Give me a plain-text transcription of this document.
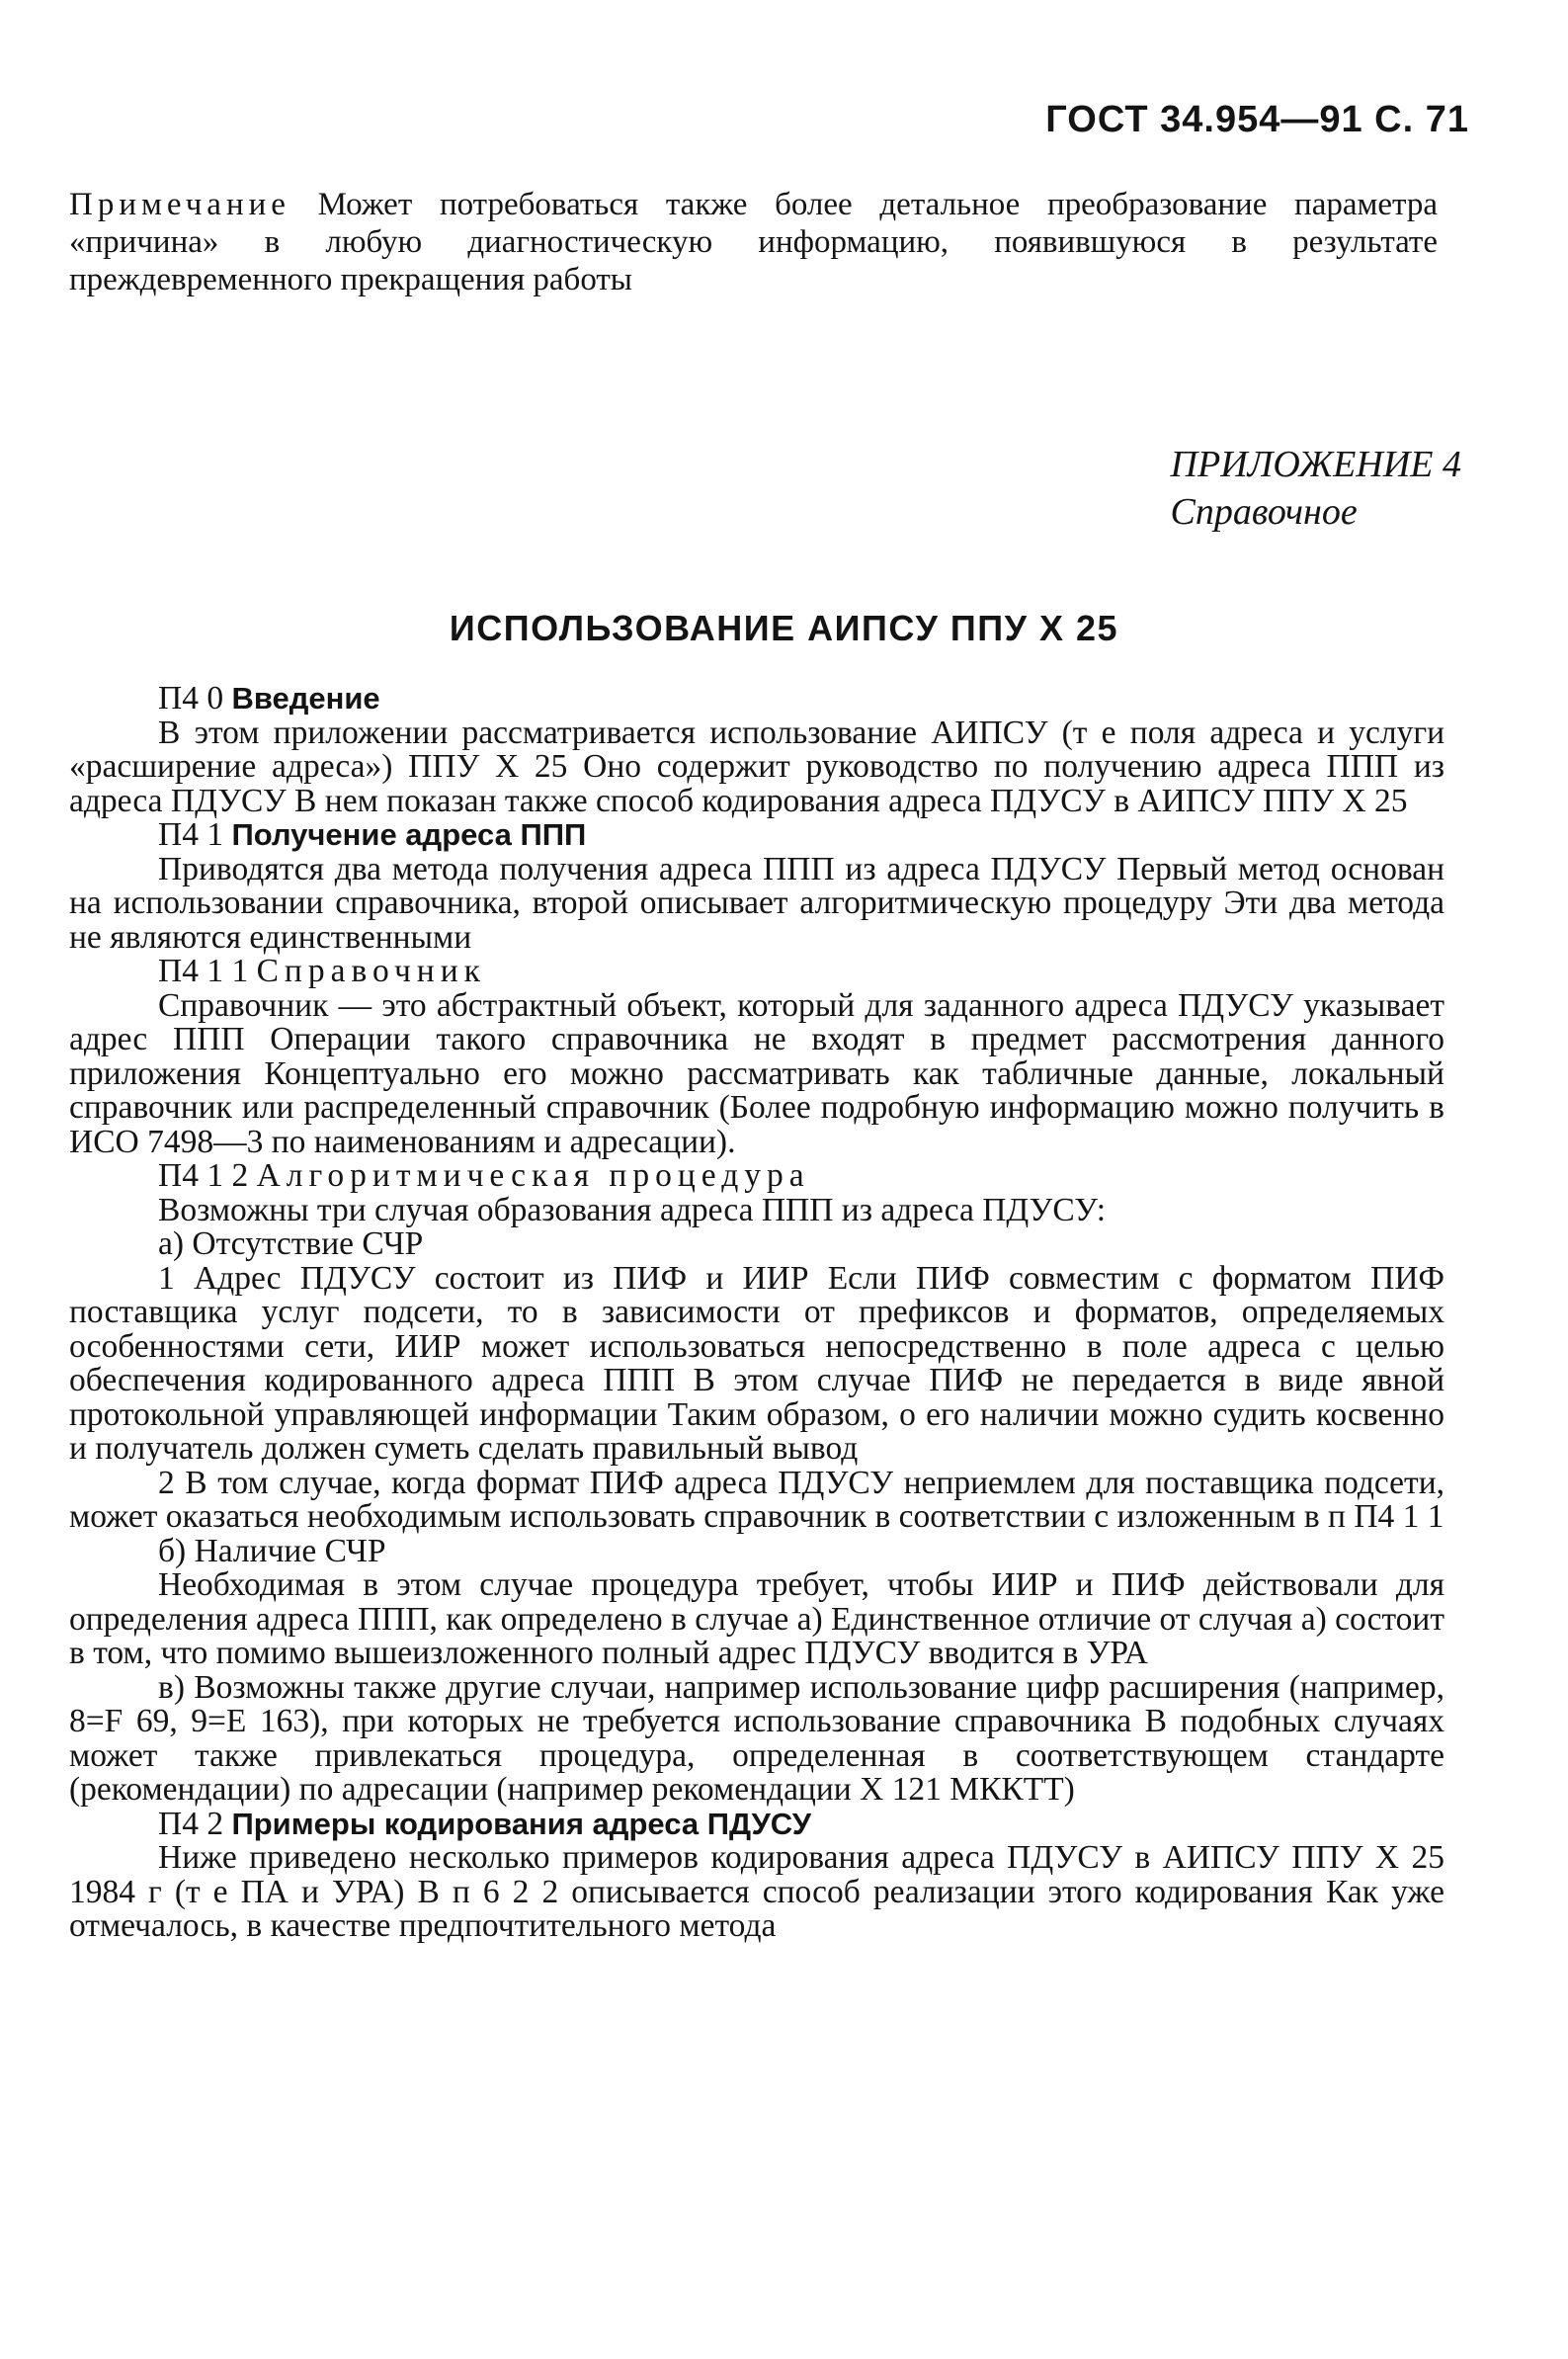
ГОСТ 34.954—91 С. 71
Примечание Может потребоваться также более детальное преобразование параметра «причина» в любую диагностическую информацию, появившуюся в результате преждевременного прекращения работы
ПРИЛОЖЕНИЕ 4
Справочное
ИСПОЛЬЗОВАНИЕ АИПСУ ППУ Х 25

П4 0 Введение

В этом приложении рассматривается использование АИПСУ (т е поля адреса и услуги «расширение адреса») ППУ Х 25 Оно содержит руководство по получению адреса ППП из адреса ПДУСУ В нем показан также способ кодирования адреса ПДУСУ в АИПСУ ППУ Х 25

П4 1 Получение адреса ППП

Приводятся два метода получения адреса ППП из адреса ПДУСУ Первый метод основан на использовании справочника, второй описывает алгоритмическую процедуру Эти два метода не являются единственными

П4 1 1 Справочник

Справочник — это абстрактный объект, который для заданного адреса ПДУСУ указывает адрес ППП Операции такого справочника не входят в предмет рассмотрения данного приложения Концептуально его можно рассматривать как табличные данные, локальный справочник или распределенный справочник (Более подробную информацию можно получить в ИСО 7498—3 по наименованиям и адресации).

П4 1 2 Алгоритмическая процедура

Возможны три случая образования адреса ППП из адреса ПДУСУ:

а) Отсутствие СЧР

1 Адрес ПДУСУ состоит из ПИФ и ИИР Если ПИФ совместим с форматом ПИФ поставщика услуг подсети, то в зависимости от префиксов и форматов, определяемых особенностями сети, ИИР может использоваться непосредственно в поле адреса с целью обеспечения кодированного адреса ППП В этом случае ПИФ не передается в виде явной протокольной управляющей информации Таким образом, о его наличии можно судить косвенно и получатель должен суметь сделать правильный вывод

2 В том случае, когда формат ПИФ адреса ПДУСУ неприемлем для поставщика подсети, может оказаться необходимым использовать справочник в соответствии с изложенным в п П4 1 1

б) Наличие СЧР

Необходимая в этом случае процедура требует, чтобы ИИР и ПИФ действовали для определения адреса ППП, как определено в случае а) Единственное отличие от случая а) состоит в том, что помимо вышеизложенного полный адрес ПДУСУ вводится в УРА

в) Возможны также другие случаи, например использование цифр расширения (например, 8=F 69, 9=Е 163), при которых не требуется использование справочника В подобных случаях может также привлекаться процедура, определенная в соответствующем стандарте (рекомендации) по адресации (например рекомендации Х 121 МККТТ)

П4 2 Примеры кодирования адреса ПДУСУ

Ниже приведено несколько примеров кодирования адреса ПДУСУ в АИПСУ ППУ Х 25 1984 г (т е ПА и УРА) В п 6 2 2 описывается способ реализации этого кодирования Как уже отмечалось, в качестве предпочтительного метода
